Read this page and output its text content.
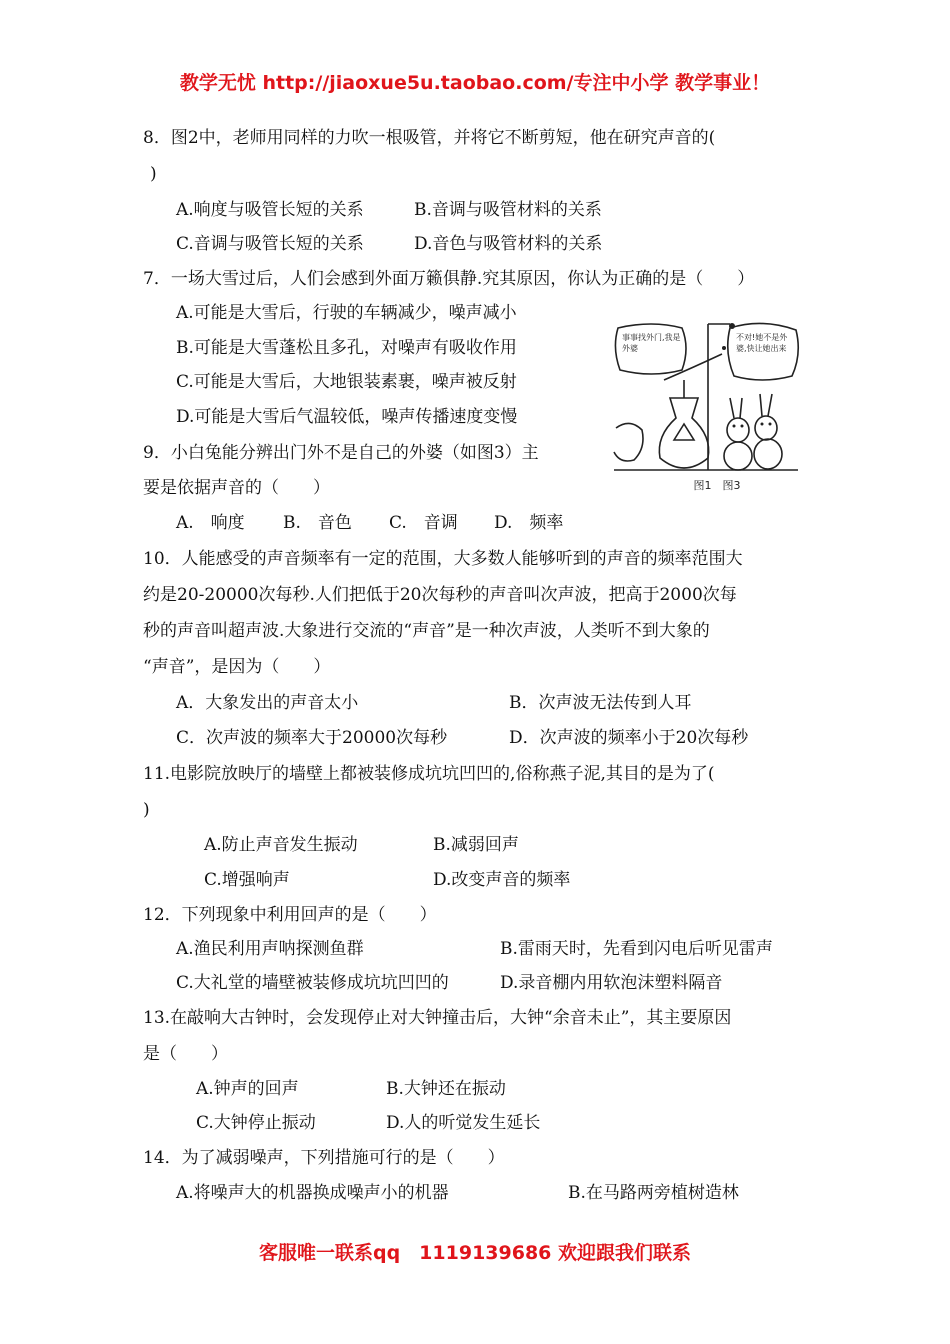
教学无忧 http://jiaoxue5u.taobao.com/专注中小学 教学事业！
8．图2中，老师用同样的力吹一根吸管，并将它不断剪短，他在研究声音的(
)
A.响度与吸管长短的关系	B.音调与吸管材料的关系
C.音调与吸管长短的关系	D.音色与吸管材料的关系
7．一场大雪过后，人们会感到外面万籁俱静.究其原因，你认为正确的是（　　）
A.可能是大雪后，行驶的车辆减少，噪声减小
B.可能是大雪蓬松且多孔，对噪声有吸收作用
C.可能是大雪后，大地银装素裹，噪声被反射
D.可能是大雪后气温较低，噪声传播速度变慢
事事找外门,我是外婆
不对!她不是外婆,快让她出来
图1　图3
9．小白兔能分辨出门外不是自己的外婆（如图3）主
要是依据声音的（　　）
A.　响度 B.　音色 C.　音调 D.　频率
10．人能感受的声音频率有一定的范围，大多数人能够听到的声音的频率范围大
约是20-20000次每秒.人们把低于20次每秒的声音叫次声波，把高于2000次每
秒的声音叫超声波.大象进行交流的“声音”是一种次声波，人类听不到大象的
“声音”，是因为（　　）
A．大象发出的声音太小	B．次声波无法传到人耳
C．次声波的频率大于20000次每秒	D．次声波的频率小于20次每秒
11.电影院放映厅的墙壁上都被装修成坑坑凹凹的,俗称燕子泥,其目的是为了(
)
A.防止声音发生振动	B.减弱回声
C.增强响声	D.改变声音的频率
12．下列现象中利用回声的是（　　）
A.渔民利用声呐探测鱼群	B.雷雨天时，先看到闪电后听见雷声
C.大礼堂的墙壁被装修成坑坑凹凹的	D.录音棚内用软泡沫塑料隔音
13.在敲响大古钟时，会发现停止对大钟撞击后，大钟“余音未止”，其主要原因
是（　　）
A.钟声的回声	B.大钟还在振动
C.大钟停止振动	D.人的听觉发生延长
14．为了减弱噪声，下列措施可行的是（　　）
A.将噪声大的机器换成噪声小的机器	B.在马路两旁植树造林
客服唯一联系qq　1119139686 欢迎跟我们联系
